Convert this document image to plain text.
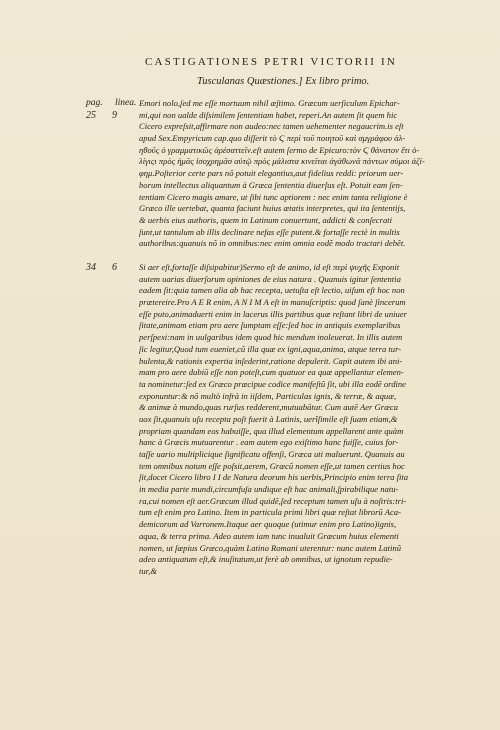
CASTIGATIONES PETRI VICTORII IN
Tusculanas Quæstiones.] Ex libro primo.
pag. linea.
25 9
Emori nolo,ſed me eſſe mortuum nihil æſtimo. Græcum uerſiculum Epichar-
mi,qui non ualde diſsimilem ſententiam habet, reperi.An autem ſit quem hic
Cicero expreſsit,affirmare non audeo:nec tamen uehementer negaucrim.is eſt
apud Sex.Empyricum cap.quo diſſerit τὸ Ϛ περὶ τοῦ ποιητοῦ καὶ σμγράφου ἀλ-
ηθοῦς ὁ γραμματικῶς ἀρέσαττεῖν.eſt autem ſermo de Epicuro:τὸν Ϛ θάνατον ἔτι ὁ-
λίγιςι πρὸς ἡμᾶς ἰσοχρημᾶσ αὐτῷ πρὸς μάλιστα κινεῖται ἀγάθωνᾶ πάντων σύμοι ἀζί-
φημ.Poſterior certe pars nõ potuit elegantius,aut fidelius reddi: priorum uer-
borum intellectus aliquantum à Græca ſententia diuerſus eſt. Potuit eam ſen-
tentiam Cicero magis amare, ut ſibi tunc aptiorem : nec enim tanta religione è
Græco ille uertebat, quanta faciunt huius ætatis interpretes, qui ita ſententijs,
& uerbis eius authoris, quem in Latinum conuertunt, addicti & conſecrati
ſunt,ut tantulum ab illis declinare nefas eſſe putent.& fortaſſe rectè in multis
authoribus:quanuis nõ in omnibus:nec enim omnia eodẽ modo tractari debẽt.
34 6	Si aer eſt,fortaſſe diſsipabitur)Sermo eſt de animo, id eſt περὶ ψυχῆς Exponit
autem uarias diuerſorum opiniones de eius natura . Quanuis igitur ſententia
eadem ſit:quia tamen alia ab hac recepta, uetuſta eſt lectio, uiſum eſt hoc non
prætereire.Pro A E R enim, A N I M A eſt in manuſcriptis: quod ſanè ſincerum
eſſe puto,animaduerti enim in lacerus illis partibus quæ reſtant libri de uniuer
ſitate,animam etiam pro aere ſumptam eſſe:ſed hoc in antiquis exemplaribus
perſpexi:nam in uulgaribus idem quod hic mendum inoleuerat. In illis autem
ſic legitur,Quod tum eueniet,cũ illa quæ ex igni,aqua,anima, atque terra tur-
bulenta,& rationis expertia inſederint,ratione depulerit. Capit autem ibi ani-
mam pro aere dubiũ eſſe non poteſt,cum quatuor ea quæ appellantur elemen-
ta nominetur:ſed ex Græco præcipue codice manifeſtũ ſit, ubi illa eodẽ ordine
exponuntur:& nõ multò infrà in iiſdem, Particulas ignis, & terræ, & aquæ,
& animæ à mundo,quas rurſus redderent,mutuabātur. Cum autē Aer Græca
uox ſit,quanuis uſu recepta poſt fuerit à Latinis, uerîſimile eſt ſuam etiam,&
propriam quandam eos habuiſſe, qua illud elementum appellarent ante quàm
hanc à Græcis mutuarentur . eam autem ego exiſtimo hanc fuiſſe, cuius for-
taſſe uario multiplicique ſignificatu offenſi, Græca uti maluerunt. Quanuis au
tem omnibus notum eſſe poſsit,aerem, Græcũ nomen eſſe,ut tamen certius hoc
ſit,docet Cicero libro I I de Natura deorum his uerbis,Principio enim terra ſita
in media parte mundi,circumfuſa undique eſt hac animali,ſpirabilique natu-
ra,cui nomen eſt aer.Græcum illud quidẽ,ſed receptum tamen uſu à noſtris:tri-
tum eſt enim pro Latino. Item in particula primi libri quæ reſtat librorũ Aca-
demicorum ad Varronem.Itaque aer quoque (utimur enim pro Latino)ignis,
aqua, & terra prima. Adeo autem iam tunc inualuit Græcum huius elementi
nomen, ut ſæpius Græco,quàm Latino Romani uterentur: nunc autem Latinũ
adeo antiquatum eſt,& inuſitatum,ut ferè ab omnibus, ut ignotum repudie-
tur,&
